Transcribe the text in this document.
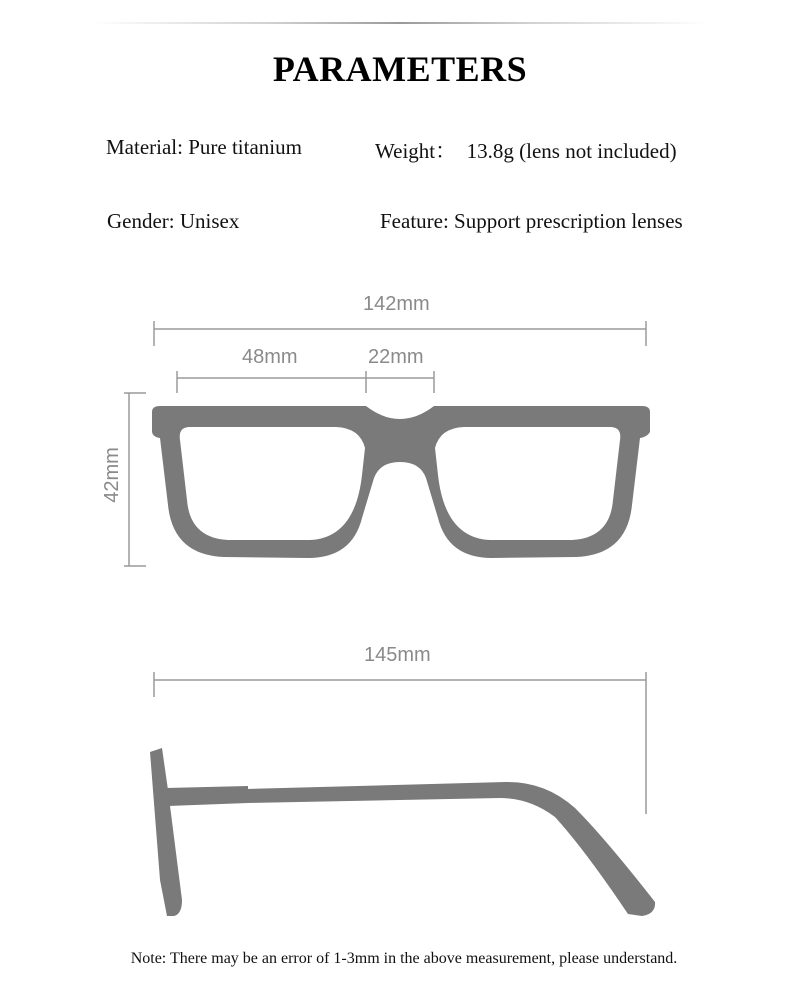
PARAMETERS
Material: Pure titanium	Weight：  13.8g (lens not included)
Gender: Unisex	Feature: Support prescription lenses
142mm
48mm	22mm
42mm
145mm
Note: There may be an error of 1-3mm in the above measurement, please understand.
